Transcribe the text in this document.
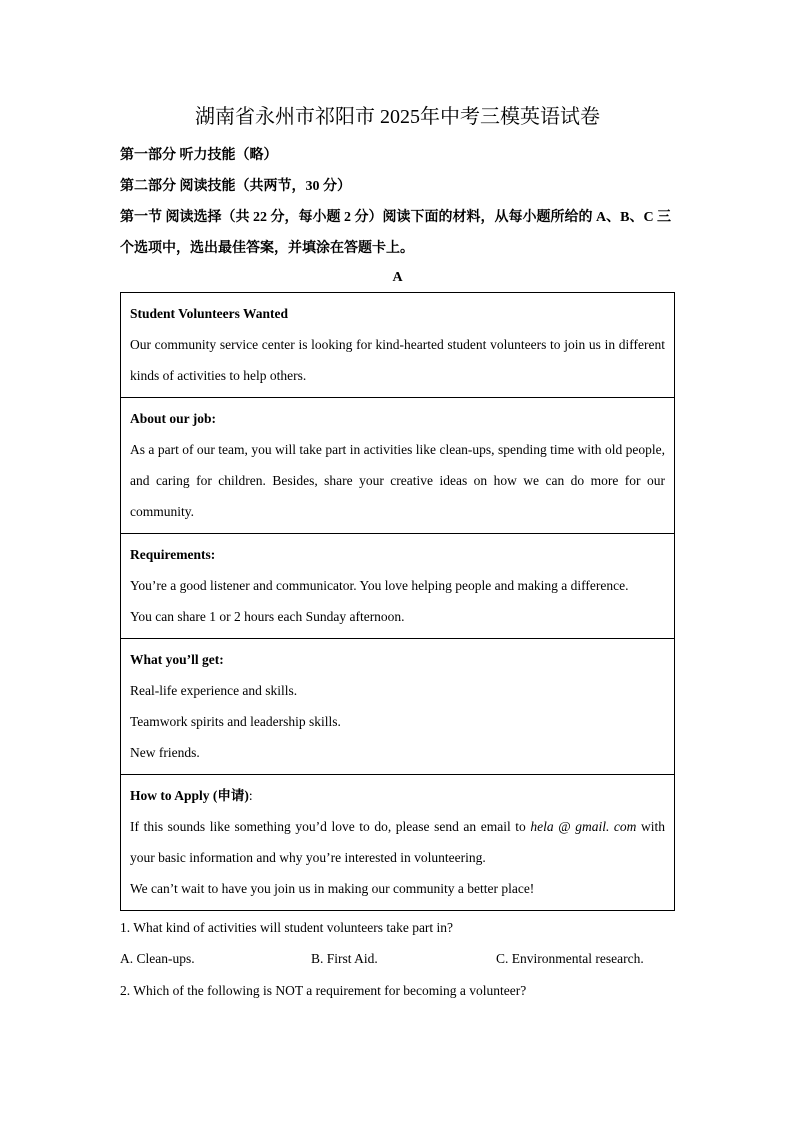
湖南省永州市祁阳市 2025年中考三模英语试卷
第一部分 听力技能（略）
第二部分 阅读技能（共两节，30 分）
第一节 阅读选择（共 22 分，每小题 2 分）阅读下面的材料，从每小题所给的 A、B、C 三
个选项中，选出最佳答案，并填涂在答题卡上。
A
Student Volunteers Wanted
Our community service center is looking for kind-hearted student volunteers to join us in different kinds of activities to help others.

About our job:
As a part of our team, you will take part in activities like clean-ups, spending time with old people, and caring for children. Besides, share your creative ideas on how we can do more for our community.

Requirements:
You’re a good listener and communicator. You love helping people and making a difference.
You can share 1 or 2 hours each Sunday afternoon.

What you’ll get:
Real-life experience and skills.
Teamwork spirits and leadership skills.
New friends.

How to Apply (申请):
If this sounds like something you’d love to do, please send an email to hela @ gmail. com with your basic information and why you’re interested in volunteering.
We can’t wait to have you join us in making our community a better place!
1. What kind of activities will student volunteers take part in?
A. Clean-ups.	B. First Aid.	C. Environmental research.
2. Which of the following is NOT a requirement for becoming a volunteer?
